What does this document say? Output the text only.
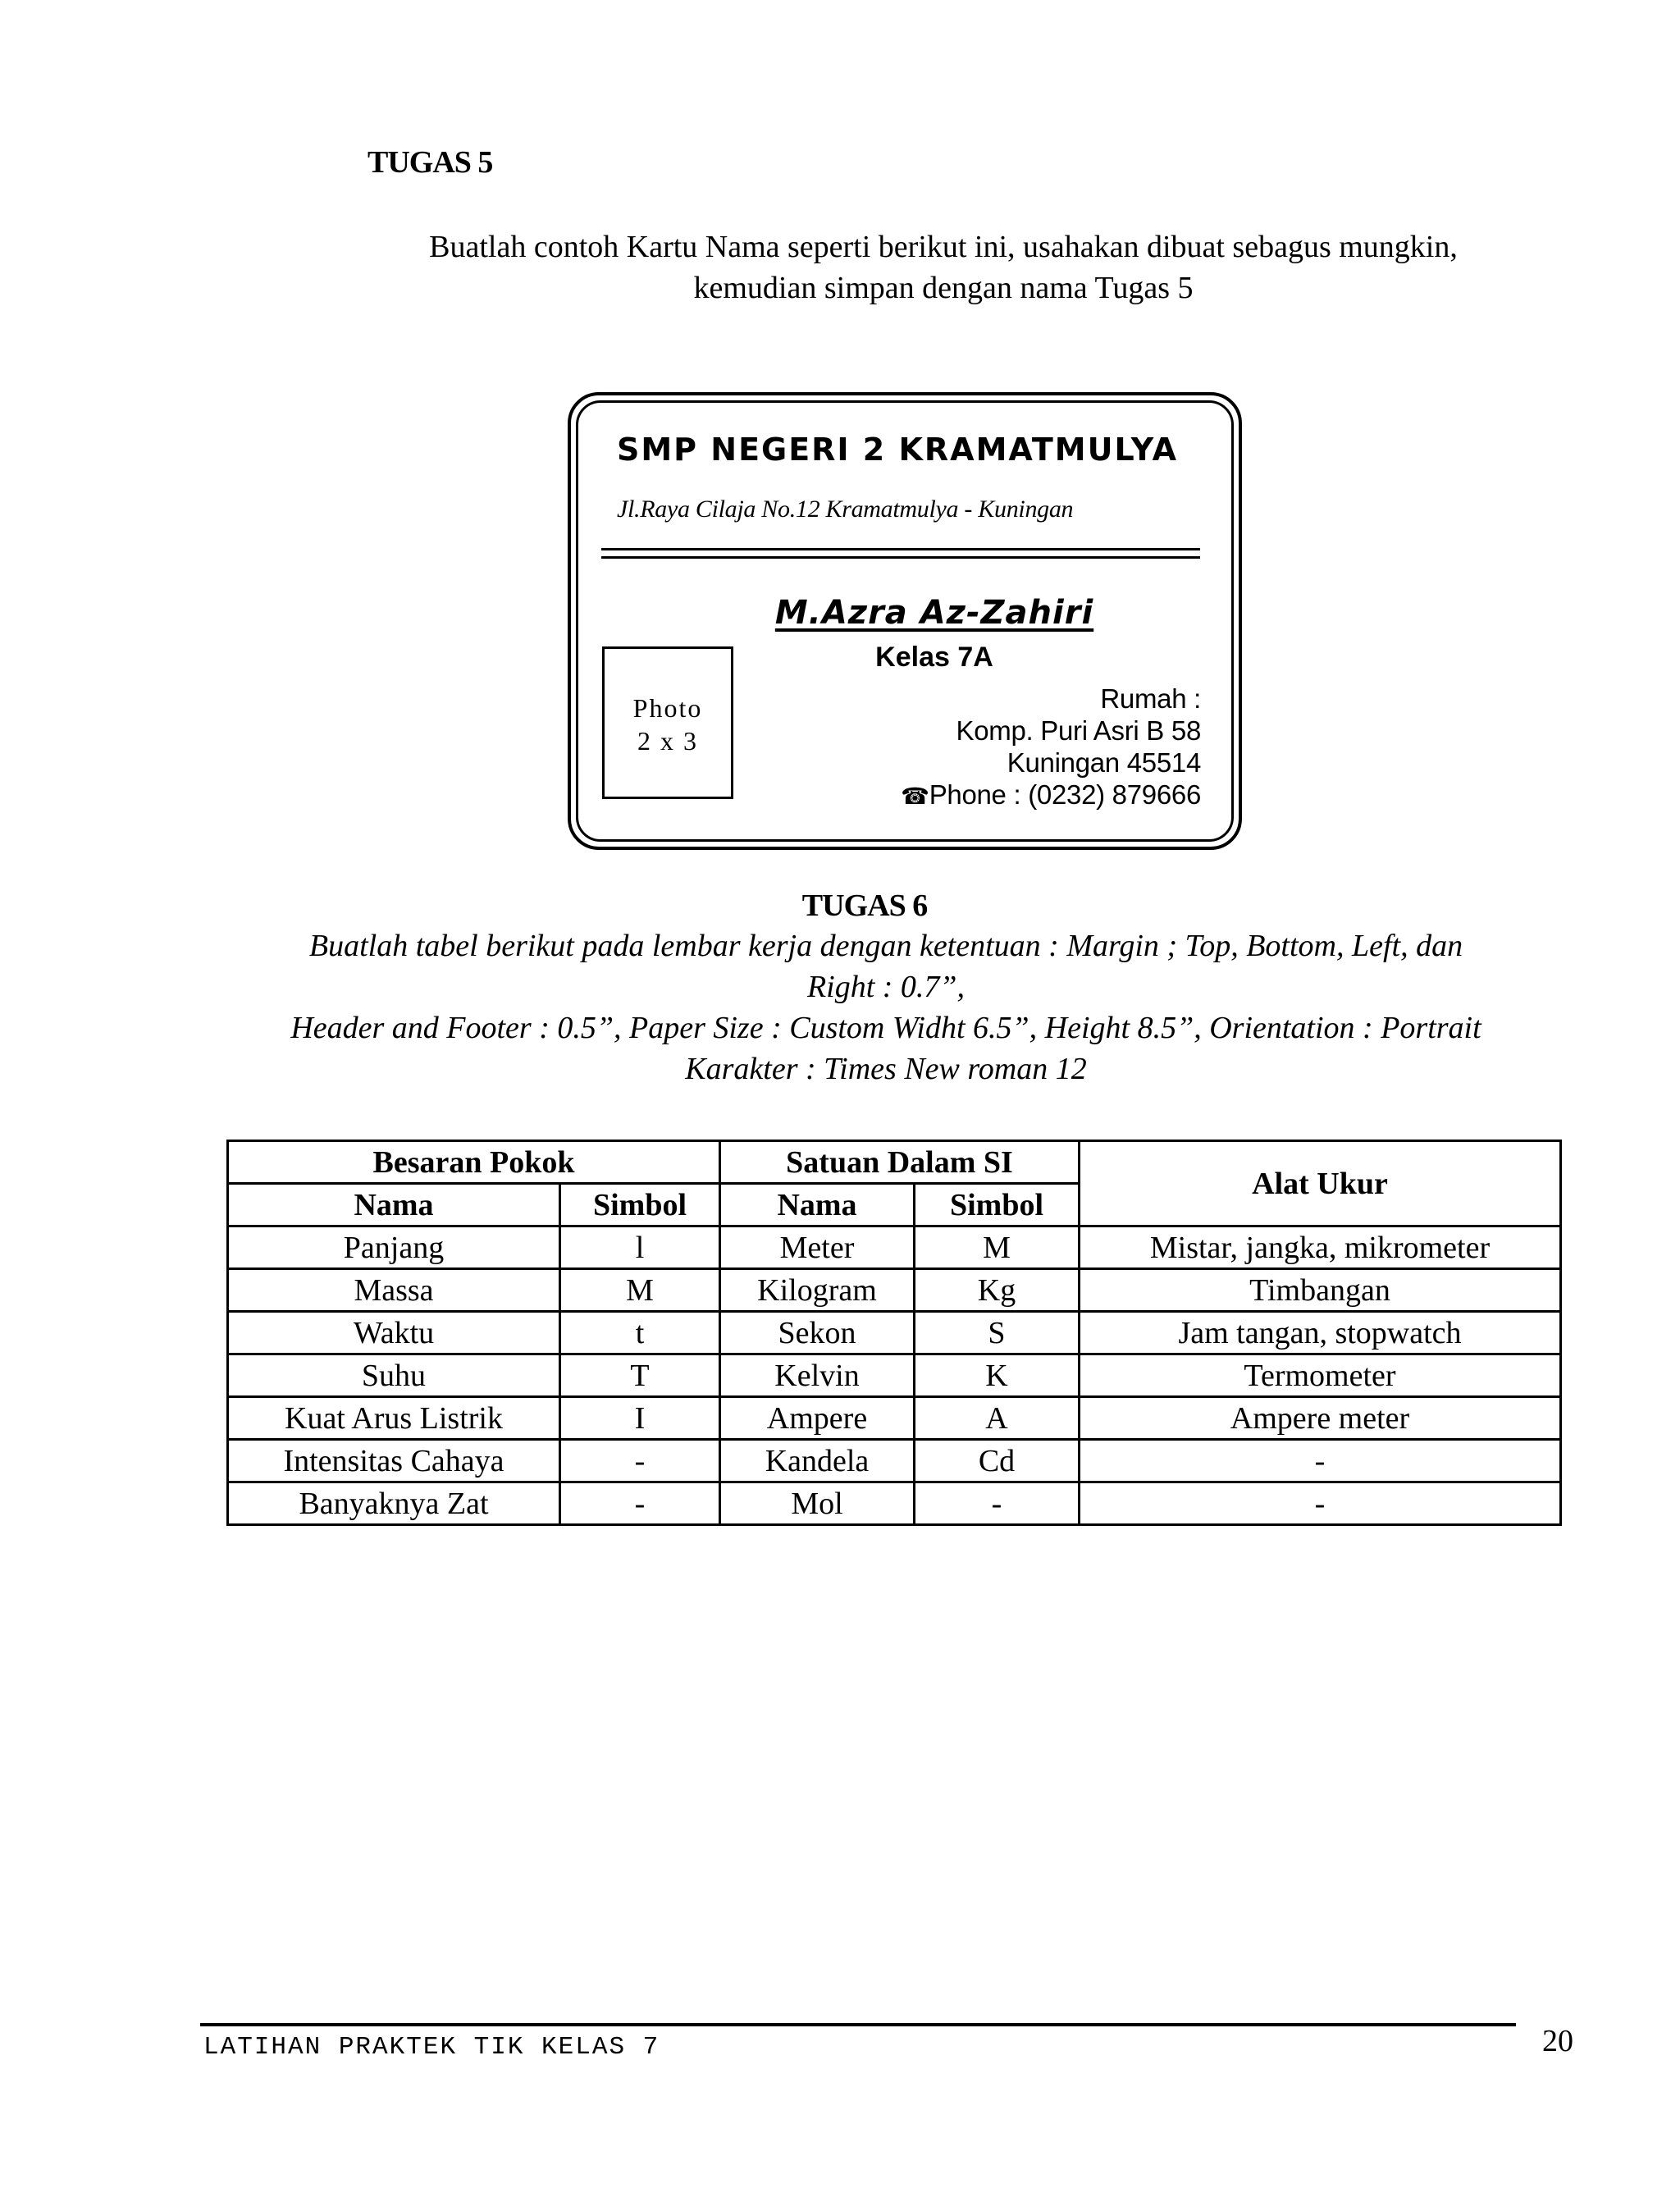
TUGAS 5
Buatlah contoh Kartu Nama seperti berikut ini, usahakan dibuat sebagus mungkin,
kemudian simpan dengan nama Tugas 5
SMP NEGERI 2 KRAMATMULYA
Jl.Raya Cilaja No.12 Kramatmulya - Kuningan
M.Azra Az-Zahiri
Kelas 7A
Photo
2 x 3
Rumah :
Komp. Puri Asri B 58
Kuningan 45514
☎Phone : (0232) 879666
TUGAS 6
Buatlah tabel berikut pada lembar kerja dengan ketentuan : Margin ; Top, Bottom, Left, dan
Right : 0.7”,
Header and Footer : 0.5”, Paper Size : Custom Widht 6.5”, Height 8.5”, Orientation : Portrait
Karakter : Times New roman 12
Besaran Pokok		Satuan Dalam SI		Alat Ukur
Nama	Simbol	Nama	Simbol	
Panjang	l	Meter	M	Mistar, jangka, mikrometer
Massa	M	Kilogram	Kg	Timbangan
Waktu	t	Sekon	S	Jam tangan, stopwatch
Suhu	T	Kelvin	K	Termometer
Kuat Arus Listrik	I	Ampere	A	Ampere meter
Intensitas Cahaya	-	Kandela	Cd	-
Banyaknya Zat	-	Mol	-	-
LATIHAN PRAKTEK TIK KELAS 7	20
